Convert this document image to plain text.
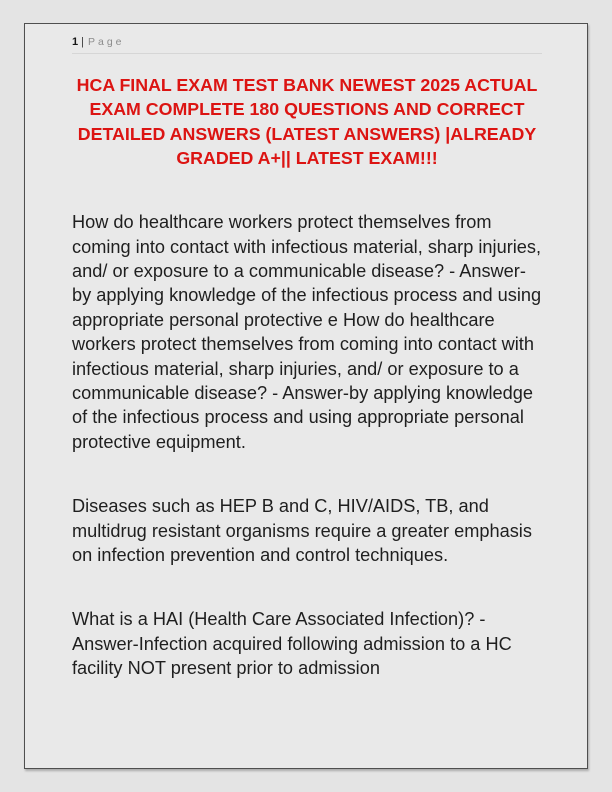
1 | Page
HCA FINAL EXAM TEST BANK NEWEST 2025 ACTUAL EXAM COMPLETE 180 QUESTIONS AND CORRECT DETAILED ANSWERS (LATEST ANSWERS) |ALREADY GRADED A+|| LATEST EXAM!!!

How do healthcare workers protect themselves from coming into contact with infectious material, sharp injuries, and/ or exposure to a communicable disease? - Answer-by applying knowledge of the infectious process and using appropriate personal protective e How do healthcare workers protect themselves from coming into contact with infectious material, sharp injuries, and/ or exposure to a communicable disease? - Answer-by applying knowledge of the infectious process and using appropriate personal protective equipment.

Diseases such as HEP B and C, HIV/AIDS, TB, and multidrug resistant organisms require a greater emphasis on infection prevention and control techniques.

What is a HAI (Health Care Associated Infection)? - Answer-Infection acquired following admission to a HC facility NOT present prior to admission
